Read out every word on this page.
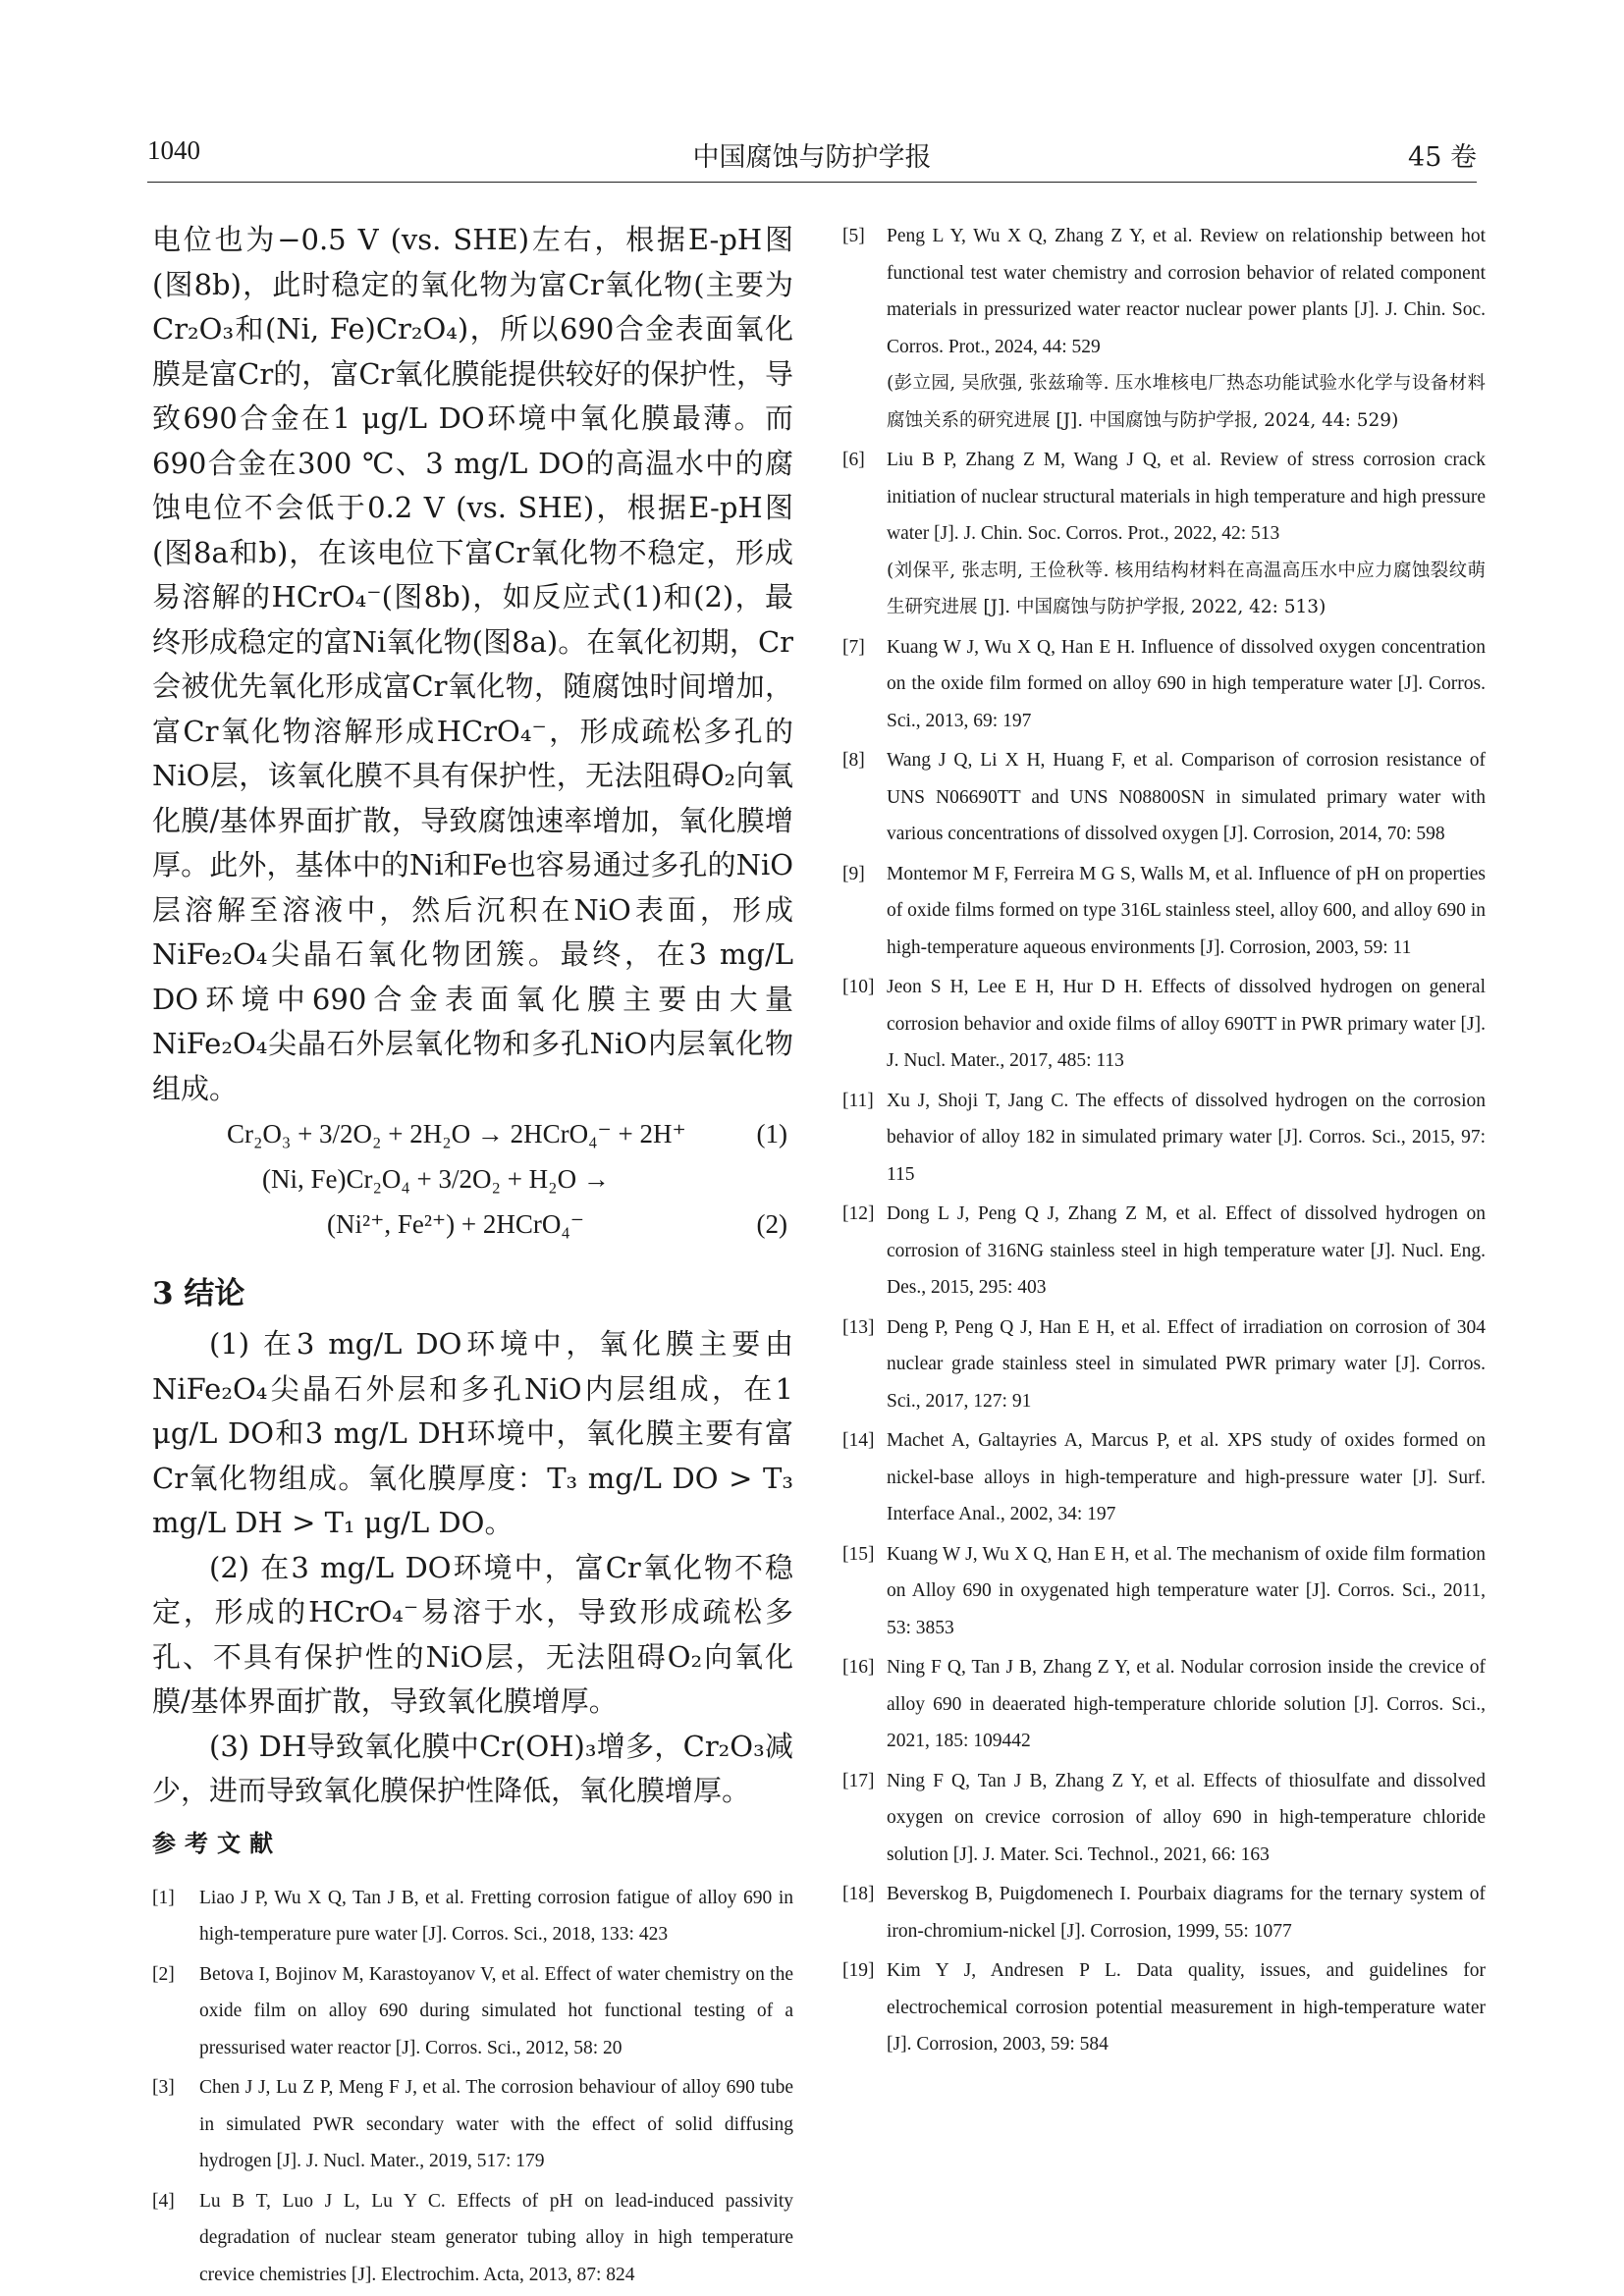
1040	中国腐蚀与防护学报	45 卷

电位也为−0.5 V (vs. SHE)左右，根据E-pH图(图8b)，此时稳定的氧化物为富Cr氧化物(主要为Cr₂O₃和(Ni, Fe)Cr₂O₄)，所以690合金表面氧化膜是富Cr的，富Cr氧化膜能提供较好的保护性，导致690合金在1 μg/L DO环境中氧化膜最薄。而690合金在300 ℃、3 mg/L DO的高温水中的腐蚀电位不会低于0.2 V (vs. SHE)，根据E-pH图(图8a和b)，在该电位下富Cr氧化物不稳定，形成易溶解的HCrO₄⁻(图8b)，如反应式(1)和(2)，最终形成稳定的富Ni氧化物(图8a)。在氧化初期，Cr会被优先氧化形成富Cr氧化物，随腐蚀时间增加，富Cr氧化物溶解形成HCrO₄⁻，形成疏松多孔的NiO层，该氧化膜不具有保护性，无法阻碍O₂向氧化膜/基体界面扩散，导致腐蚀速率增加，氧化膜增厚。此外，基体中的Ni和Fe也容易通过多孔的NiO层溶解至溶液中，然后沉积在NiO表面，形成NiFe₂O₄尖晶石氧化物团簇。最终，在3 mg/L DO环境中690合金表面氧化膜主要由大量NiFe₂O₄尖晶石外层氧化物和多孔NiO内层氧化物组成。

Cr₂O₃ + 3/2O₂ + 2H₂O → 2HCrO₄⁻ + 2H⁺	(1)
(Ni, Fe)Cr₂O₄ + 3/2O₂ + H₂O →
(Ni²⁺, Fe²⁺) + 2HCrO₄⁻	(2)
3 结论

(1) 在3 mg/L DO环境中，氧化膜主要由NiFe₂O₄尖晶石外层和多孔NiO内层组成，在1 μg/L DO和3 mg/L DH环境中，氧化膜主要有富Cr氧化物组成。氧化膜厚度：T₃ mg/L DO > T₃ mg/L DH > T₁ μg/L DO。

(2) 在3 mg/L DO环境中，富Cr氧化物不稳定，形成的HCrO₄⁻易溶于水，导致形成疏松多孔、不具有保护性的NiO层，无法阻碍O₂向氧化膜/基体界面扩散，导致氧化膜增厚。

(3) DH导致氧化膜中Cr(OH)₃增多，Cr₂O₃减少，进而导致氧化膜保护性降低，氧化膜增厚。

参考文献
[1] Liao J P, Wu X Q, Tan J B, et al. Fretting corrosion fatigue of alloy 690 in high-temperature pure water [J]. Corros. Sci., 2018, 133: 423
[2] Betova I, Bojinov M, Karastoyanov V, et al. Effect of water chemistry on the oxide film on alloy 690 during simulated hot functional testing of a pressurised water reactor [J]. Corros. Sci., 2012, 58: 20
[3] Chen J J, Lu Z P, Meng F J, et al. The corrosion behaviour of alloy 690 tube in simulated PWR secondary water with the effect of solid diffusing hydrogen [J]. J. Nucl. Mater., 2019, 517: 179
[4] Lu B T, Luo J L, Lu Y C. Effects of pH on lead-induced passivity degradation of nuclear steam generator tubing alloy in high temperature crevice chemistries [J]. Electrochim. Acta, 2013, 87: 824
[5] Peng L Y, Wu X Q, Zhang Z Y, et al. Review on relationship between hot functional test water chemistry and corrosion behavior of related component materials in pressurized water reactor nuclear power plants [J]. J. Chin. Soc. Corros. Prot., 2024, 44: 529
(彭立园, 吴欣强, 张兹瑜等. 压水堆核电厂热态功能试验水化学与设备材料腐蚀关系的研究进展 [J]. 中国腐蚀与防护学报, 2024, 44: 529)
[6] Liu B P, Zhang Z M, Wang J Q, et al. Review of stress corrosion crack initiation of nuclear structural materials in high temperature and high pressure water [J]. J. Chin. Soc. Corros. Prot., 2022, 42: 513
(刘保平, 张志明, 王俭秋等. 核用结构材料在高温高压水中应力腐蚀裂纹萌生研究进展 [J]. 中国腐蚀与防护学报, 2022, 42: 513)
[7] Kuang W J, Wu X Q, Han E H. Influence of dissolved oxygen concentration on the oxide film formed on alloy 690 in high temperature water [J]. Corros. Sci., 2013, 69: 197
[8] Wang J Q, Li X H, Huang F, et al. Comparison of corrosion resistance of UNS N06690TT and UNS N08800SN in simulated primary water with various concentrations of dissolved oxygen [J]. Corrosion, 2014, 70: 598
[9] Montemor M F, Ferreira M G S, Walls M, et al. Influence of pH on properties of oxide films formed on type 316L stainless steel, alloy 600, and alloy 690 in high-temperature aqueous environments [J]. Corrosion, 2003, 59: 11
[10] Jeon S H, Lee E H, Hur D H. Effects of dissolved hydrogen on general corrosion behavior and oxide films of alloy 690TT in PWR primary water [J]. J. Nucl. Mater., 2017, 485: 113
[11] Xu J, Shoji T, Jang C. The effects of dissolved hydrogen on the corrosion behavior of alloy 182 in simulated primary water [J]. Corros. Sci., 2015, 97: 115
[12] Dong L J, Peng Q J, Zhang Z M, et al. Effect of dissolved hydrogen on corrosion of 316NG stainless steel in high temperature water [J]. Nucl. Eng. Des., 2015, 295: 403
[13] Deng P, Peng Q J, Han E H, et al. Effect of irradiation on corrosion of 304 nuclear grade stainless steel in simulated PWR primary water [J]. Corros. Sci., 2017, 127: 91
[14] Machet A, Galtayries A, Marcus P, et al. XPS study of oxides formed on nickel-base alloys in high-temperature and high-pressure water [J]. Surf. Interface Anal., 2002, 34: 197
[15] Kuang W J, Wu X Q, Han E H, et al. The mechanism of oxide film formation on Alloy 690 in oxygenated high temperature water [J]. Corros. Sci., 2011, 53: 3853
[16] Ning F Q, Tan J B, Zhang Z Y, et al. Nodular corrosion inside the crevice of alloy 690 in deaerated high-temperature chloride solution [J]. Corros. Sci., 2021, 185: 109442
[17] Ning F Q, Tan J B, Zhang Z Y, et al. Effects of thiosulfate and dissolved oxygen on crevice corrosion of alloy 690 in high-temperature chloride solution [J]. J. Mater. Sci. Technol., 2021, 66: 163
[18] Beverskog B, Puigdomenech I. Pourbaix diagrams for the ternary system of iron-chromium-nickel [J]. Corrosion, 1999, 55: 1077
[19] Kim Y J, Andresen P L. Data quality, issues, and guidelines for electrochemical corrosion potential measurement in high-temperature water [J]. Corrosion, 2003, 59: 584
